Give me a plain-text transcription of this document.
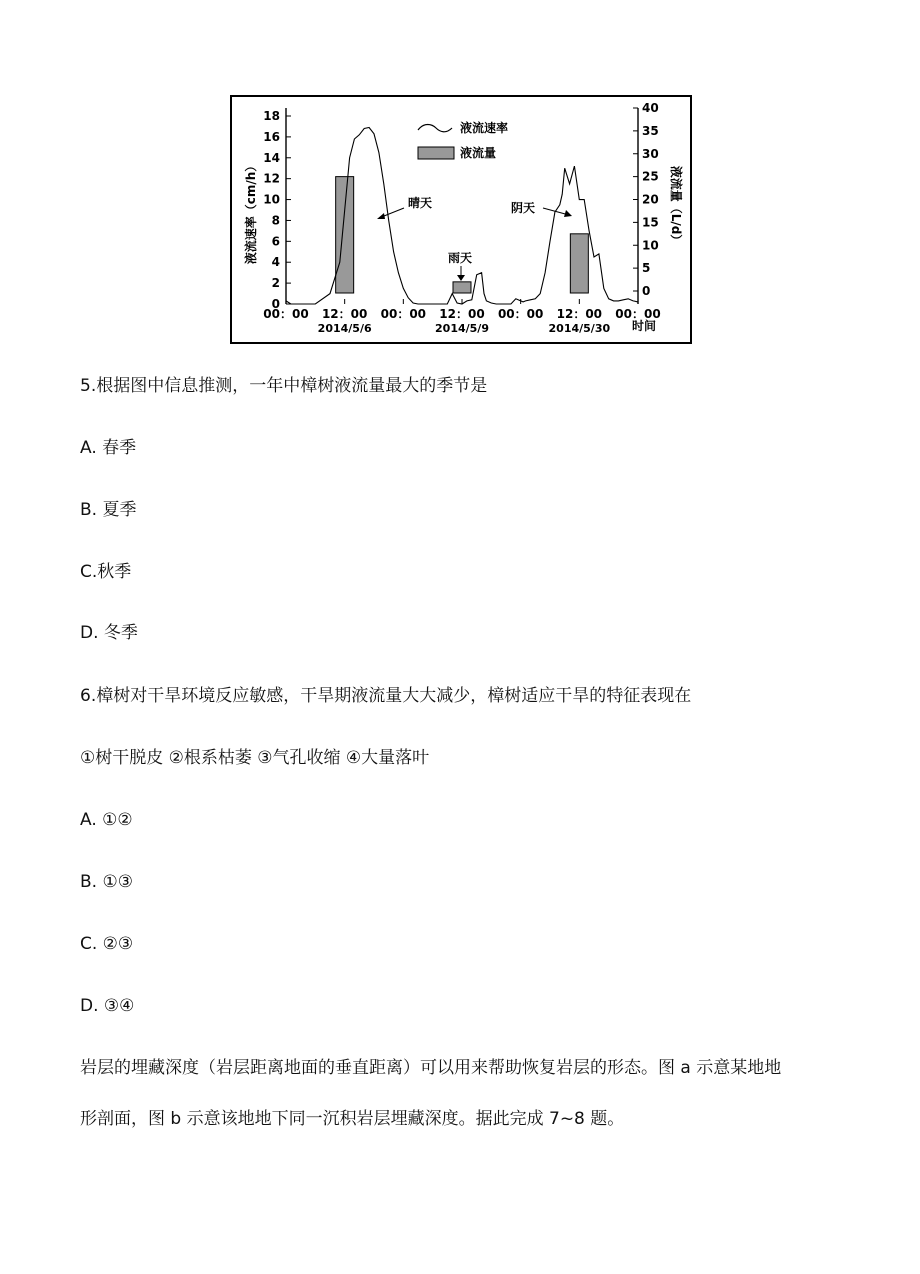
0
2
4
6
8
10
12
14
16
18
0
5
10
15
20
25
30
35
40
00：00 12：00 00：00 12：00 00：00 12：00 00：00
2014/5/6	2014/5/9	2014/5/30 时间
液流速率（cm/h）	液流量（L/d）
液流速率
液流量
晴天
雨天
阴天
5.根据图中信息推测，一年中樟树液流量最大的季节是
A. 春季
B. 夏季
C.秋季
D. 冬季
6.樟树对干旱环境反应敏感，干旱期液流量大大减少，樟树适应干旱的特征表现在
①树干脱皮 ②根系枯萎 ③气孔收缩 ④大量落叶
A. ①②
B. ①③
C. ②③
D. ③④
岩层的埋藏深度（岩层距离地面的垂直距离）可以用来帮助恢复岩层的形态。图 a 示意某地地
形剖面，图 b 示意该地地下同一沉积岩层埋藏深度。据此完成 7~8 题。
